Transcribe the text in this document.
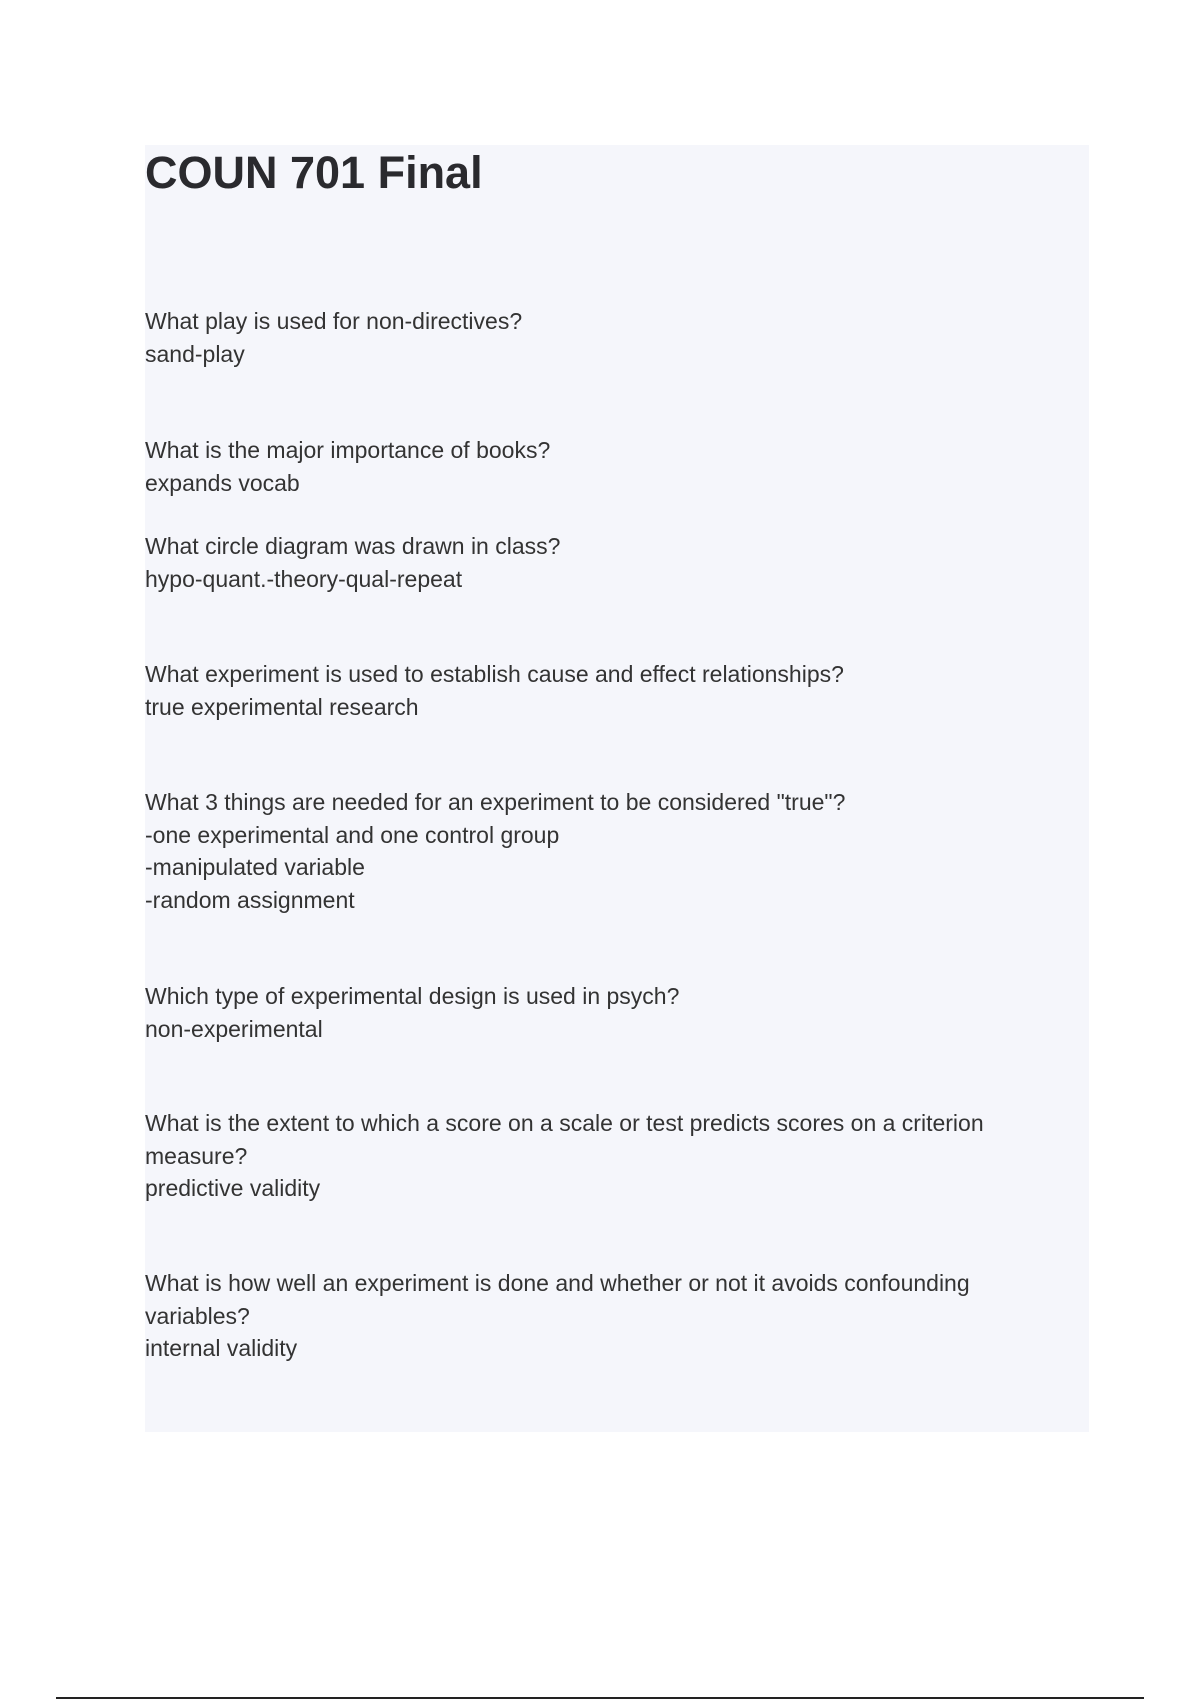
COUN 701 Final
What play is used for non-directives?
sand-play
What is the major importance of books?
expands vocab
What circle diagram was drawn in class?
hypo-quant.-theory-qual-repeat
What experiment is used to establish cause and effect relationships?
true experimental research
What 3 things are needed for an experiment to be considered "true"?
-one experimental and one control group
-manipulated variable
-random assignment
Which type of experimental design is used in psych?
non-experimental
What is the extent to which a score on a scale or test predicts scores on a criterion
measure?
predictive validity
What is how well an experiment is done and whether or not it avoids confounding
variables?
internal validity
